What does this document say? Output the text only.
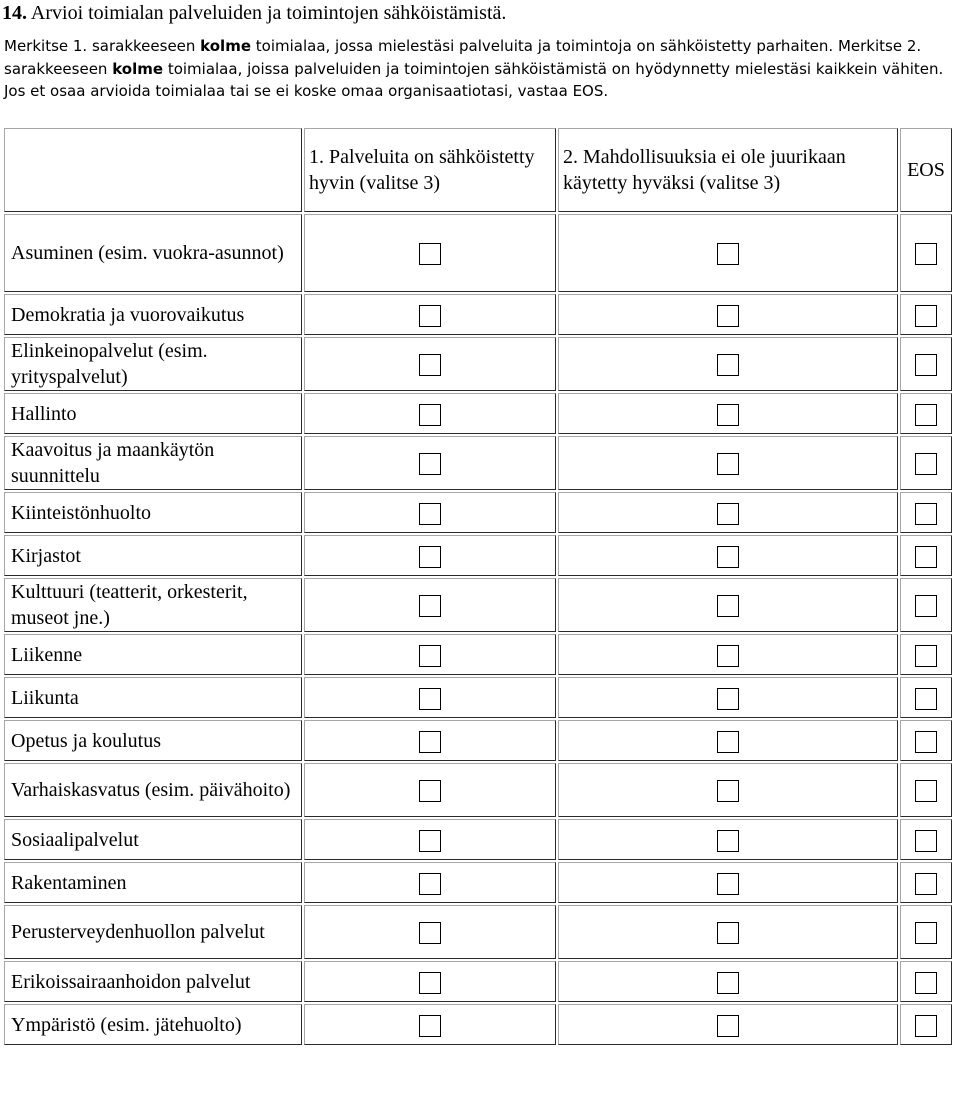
14. Arvioi toimialan palveluiden ja toimintojen sähköistämistä.

Merkitse 1. sarakkeeseen kolme toimialaa, jossa mielestäsi palveluita ja toimintoja on sähköistetty parhaiten. Merkitse 2. sarakkeeseen kolme toimialaa, joissa palveluiden ja toimintojen sähköistämistä on hyödynnetty mielestäsi kaikkein vähiten. Jos et osaa arvioida toimialaa tai se ei koske omaa organisaatiotasi, vastaa EOS.

	1. Palveluita on sähköistetty hyvin (valitse 3)	2. Mahdollisuuksia ei ole juurikaan käytetty hyväksi (valitse 3)	EOS
Asuminen (esim. vuokra-asunnot)			
Demokratia ja vuorovaikutus			
Elinkeinopalvelut (esim. yrityspalvelut)			
Hallinto			
Kaavoitus ja maankäytön suunnittelu			
Kiinteistönhuolto			
Kirjastot			
Kulttuuri (teatterit, orkesterit, museot jne.)			
Liikenne			
Liikunta			
Opetus ja koulutus			
Varhaiskasvatus (esim. päivähoito)			
Sosiaalipalvelut			
Rakentaminen			
Perusterveydenhuollon palvelut			
Erikoissairaanhoidon palvelut			
Ympäristö (esim. jätehuolto)			
